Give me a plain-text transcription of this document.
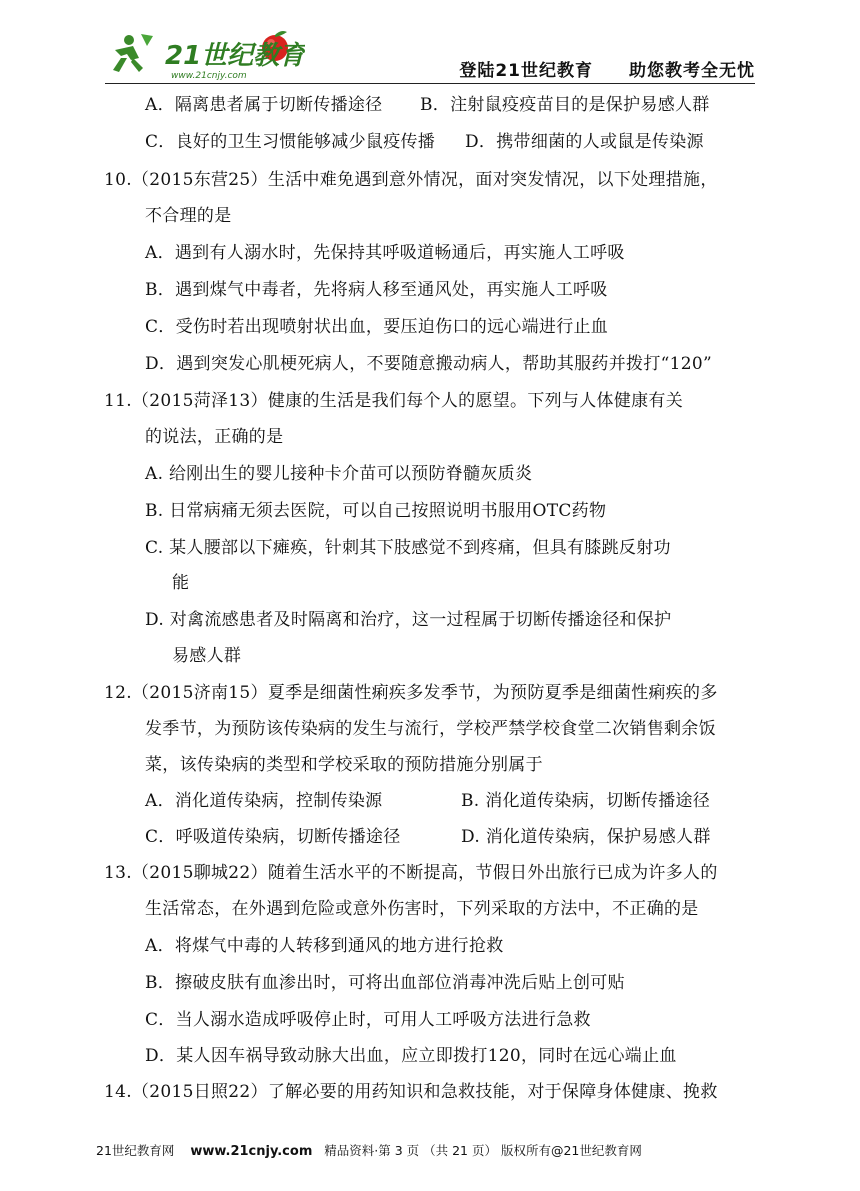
21世纪教育
www.21cnjy.com	登陆21世纪教育　　助您教考全无忧
A．隔离患者属于切断传播途径 B．注射鼠疫疫苗目的是保护易感人群
C．良好的卫生习惯能够减少鼠疫传播 D．携带细菌的人或鼠是传染源
10.（2015东营25）生活中难免遇到意外情况，面对突发情况，以下处理措施，
不合理的是
A．遇到有人溺水时，先保持其呼吸道畅通后，再实施人工呼吸
B．遇到煤气中毒者，先将病人移至通风处，再实施人工呼吸
C．受伤时若出现喷射状出血，要压迫伤口的远心端进行止血
D．遇到突发心肌梗死病人，不要随意搬动病人，帮助其服药并拨打“120”
11.（2015菏泽13）健康的生活是我们每个人的愿望。下列与人体健康有关
的说法，正确的是
A. 给刚出生的婴儿接种卡介苗可以预防脊髓灰质炎
B. 日常病痛无须去医院，可以自己按照说明书服用OTC药物
C. 某人腰部以下瘫痪，针刺其下肢感觉不到疼痛，但具有膝跳反射功
能
D. 对禽流感患者及时隔离和治疗，这一过程属于切断传播途径和保护
易感人群
12.（2015济南15）夏季是细菌性痢疾多发季节，为预防夏季是细菌性痢疾的多
发季节，为预防该传染病的发生与流行，学校严禁学校食堂二次销售剩余饭
菜，该传染病的类型和学校采取的预防措施分别属于
A．消化道传染病，控制传染源	B. 消化道传染病，切断传播途径
C．呼吸道传染病，切断传播途径	D. 消化道传染病，保护易感人群
13.（2015聊城22）随着生活水平的不断提高，节假日外出旅行已成为许多人的
生活常态，在外遇到危险或意外伤害时，下列采取的方法中，不正确的是
A．将煤气中毒的人转移到通风的地方进行抢救
B．擦破皮肤有血渗出时，可将出血部位消毒冲洗后贴上创可贴
C．当人溺水造成呼吸停止时，可用人工呼吸方法进行急救
D．某人因车祸导致动脉大出血，应立即拨打120，同时在远心端止血
14.（2015日照22）了解必要的用药知识和急救技能，对于保障身体健康、挽救
21世纪教育网 www.21cnjy.com 精品资料·第 3 页 （共 21 页） 版权所有@21世纪教育网
